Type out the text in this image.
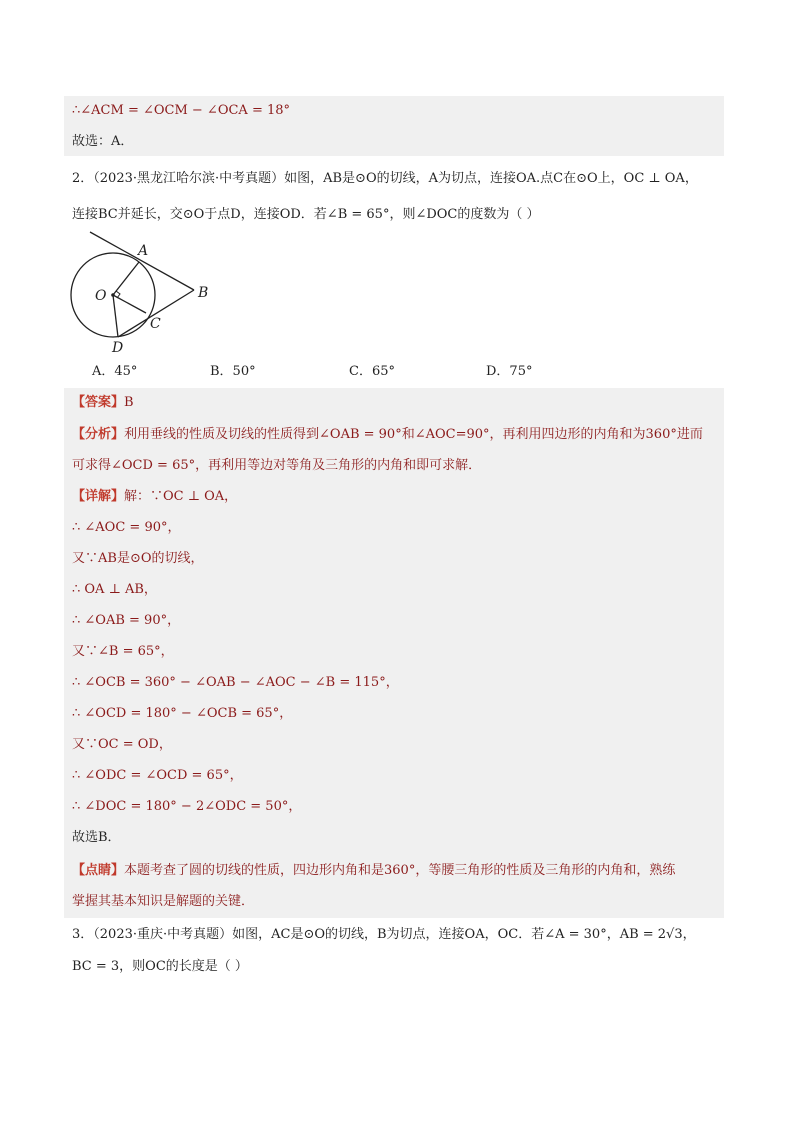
∴∠ACM = ∠OCM − ∠OCA = 18°
故选：A．
2．（2023·黑龙江哈尔滨·中考真题）如图，AB是⊙O的切线，A为切点，连接OA.点C在⊙O上，OC ⊥ OA，
连接BC并延长，交⊙O于点D，连接OD．若∠B = 65°，则∠DOC的度数为（ ）
A
B
C
D
O
A．45°	B．50°	C．65°	D．75°
【答案】B
【分析】利用垂线的性质及切线的性质得到∠OAB = 90°和∠AOC=90°，再利用四边形的内角和为360°进而
可求得∠OCD = 65°，再利用等边对等角及三角形的内角和即可求解．
【详解】解：∵OC ⊥ OA，
∴ ∠AOC = 90°，
又∵AB是⊙O的切线，
∴ OA ⊥ AB，
∴ ∠OAB = 90°，
又∵∠B = 65°，
∴ ∠OCB = 360° − ∠OAB − ∠AOC − ∠B = 115°，
∴ ∠OCD = 180° − ∠OCB = 65°，
又∵OC = OD，
∴ ∠ODC = ∠OCD = 65°，
∴ ∠DOC = 180° − 2∠ODC = 50°，
故选B．
【点睛】本题考查了圆的切线的性质，四边形内角和是360°，等腰三角形的性质及三角形的内角和，熟练
掌握其基本知识是解题的关键．
3．（2023·重庆·中考真题）如图，AC是⊙O的切线，B为切点，连接OA，OC．若∠A = 30°，AB = 2√3，
BC = 3，则OC的长度是（ ）
